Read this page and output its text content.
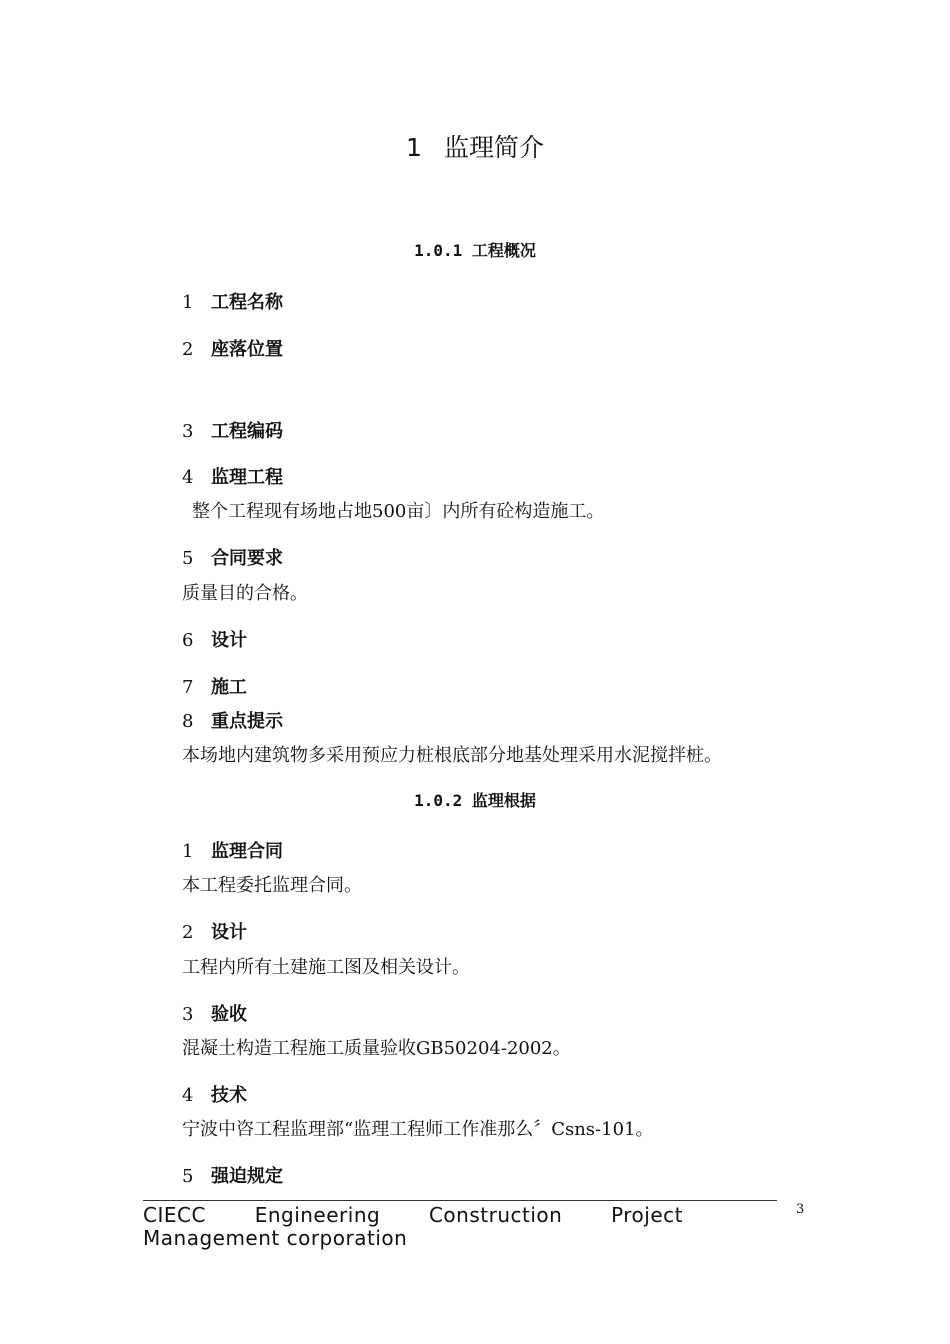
1 监理简介
1.0.1 工程概况
1 工程名称
2 座落位置
3 工程编码
4 监理工程
整个工程现有场地占地500亩〕内所有砼构造施工。
5 合同要求
质量目的合格。
6 设计
7 施工
8 重点提示
本场地内建筑物多采用预应力桩根底部分地基处理采用水泥搅拌桩。
1.0.2 监理根据
1 监理合同
本工程委托监理合同。
2 设计
工程内所有土建施工图及相关设计。
3 验收
混凝土构造工程施工质量验收GB50204-2002。
4 技术
宁波中咨工程监理部“监理工程师工作准那么〞Csns-101。
5 强迫规定
CIECC Engineering Construction Project Management corporation
3
